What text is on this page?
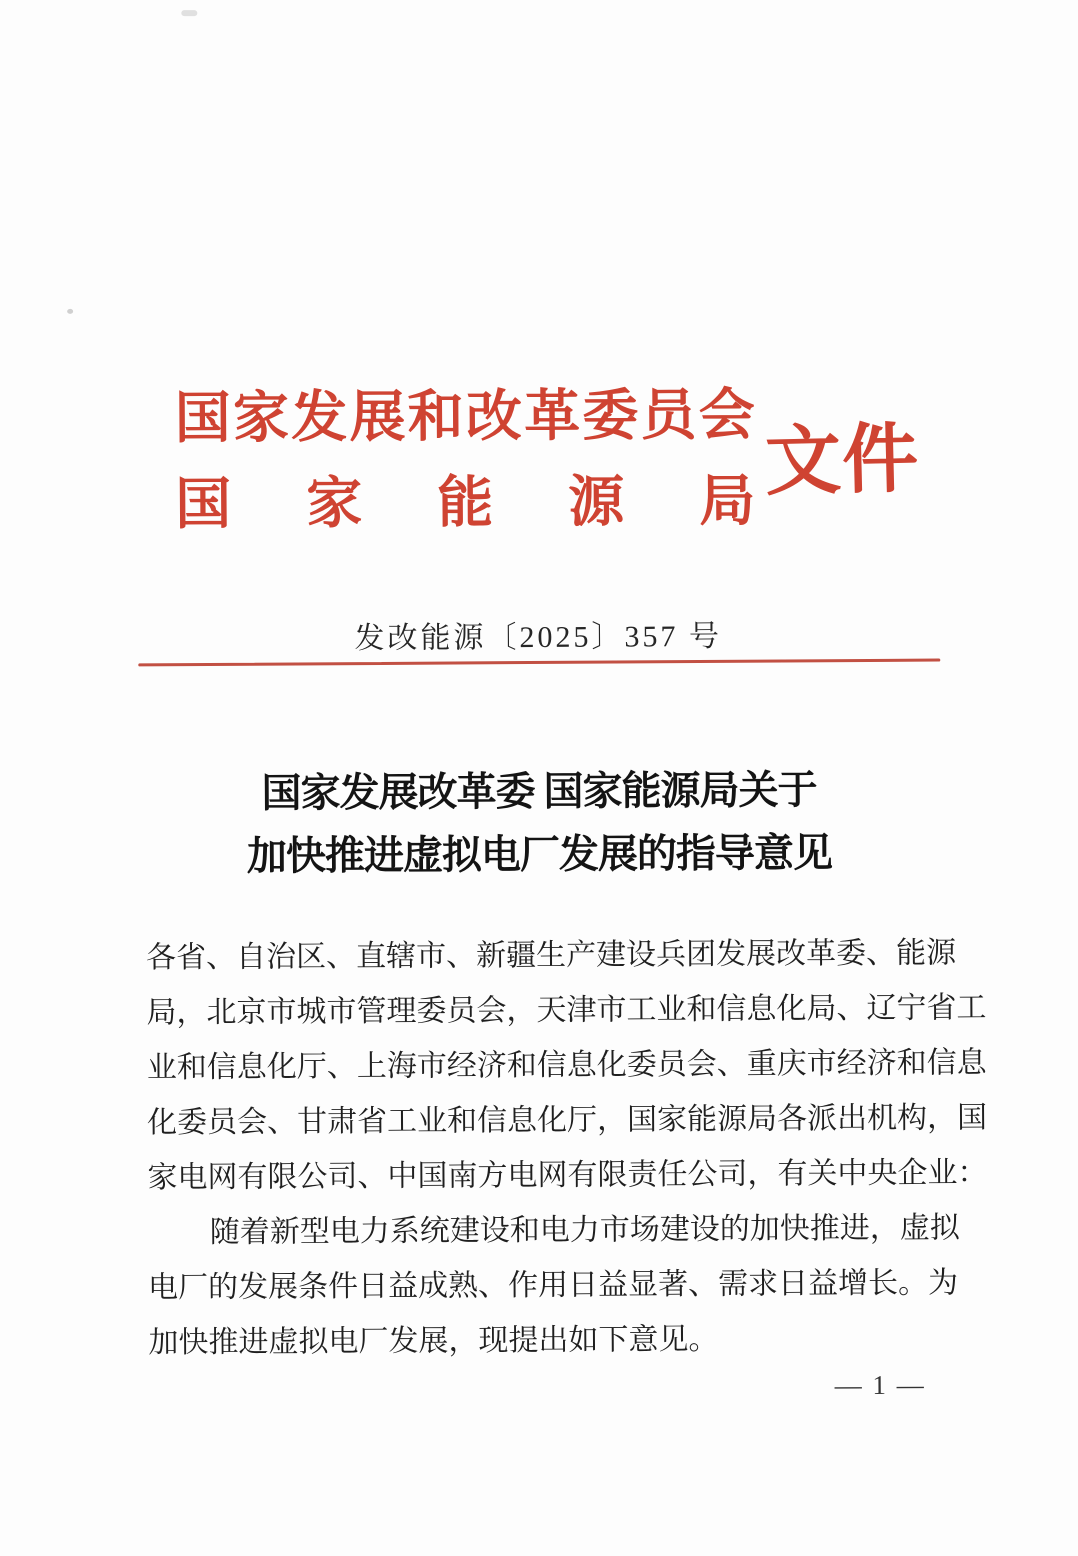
国 家 发 展 和 改 革 委 员 会
国 家 能 源 局 文件
发改能源〔2025〕357 号
国家发展改革委 国家能源局关于
加快推进虚拟电厂发展的指导意见
各 省 、 自 治 区 、 直 辖 市 、 新 疆 生 产 建 设 兵 团 发 展 改 革 委 、 能 源
局 ， 北 京 市 城 市 管 理 委 员 会 ， 天 津 市 工 业 和 信 息 化 局 、 辽 宁 省 工
业 和 信 息 化 厅 、 上 海 市 经 济 和 信 息 化 委 员 会 、 重 庆 市 经 济 和 信 息
化 委 员 会 、 甘 肃 省 工 业 和 信 息 化 厅 ， 国 家 能 源 局 各 派 出 机 构 ， 国
家 电 网 有 限 公 司 、 中 国 南 方 电 网 有 限 责 任 公 司 ， 有 关 中 央 企 业 ：
随 着 新 型 电 力 系 统 建 设 和 电 力 市 场 建 设 的 加 快 推 进 ， 虚 拟
电 厂 的 发 展 条 件 日 益 成 熟 、 作 用 日 益 显 著 、 需 求 日 益 增 长 。 为
加快推进虚拟电厂发展，现提出如下意见。
— 1 —
